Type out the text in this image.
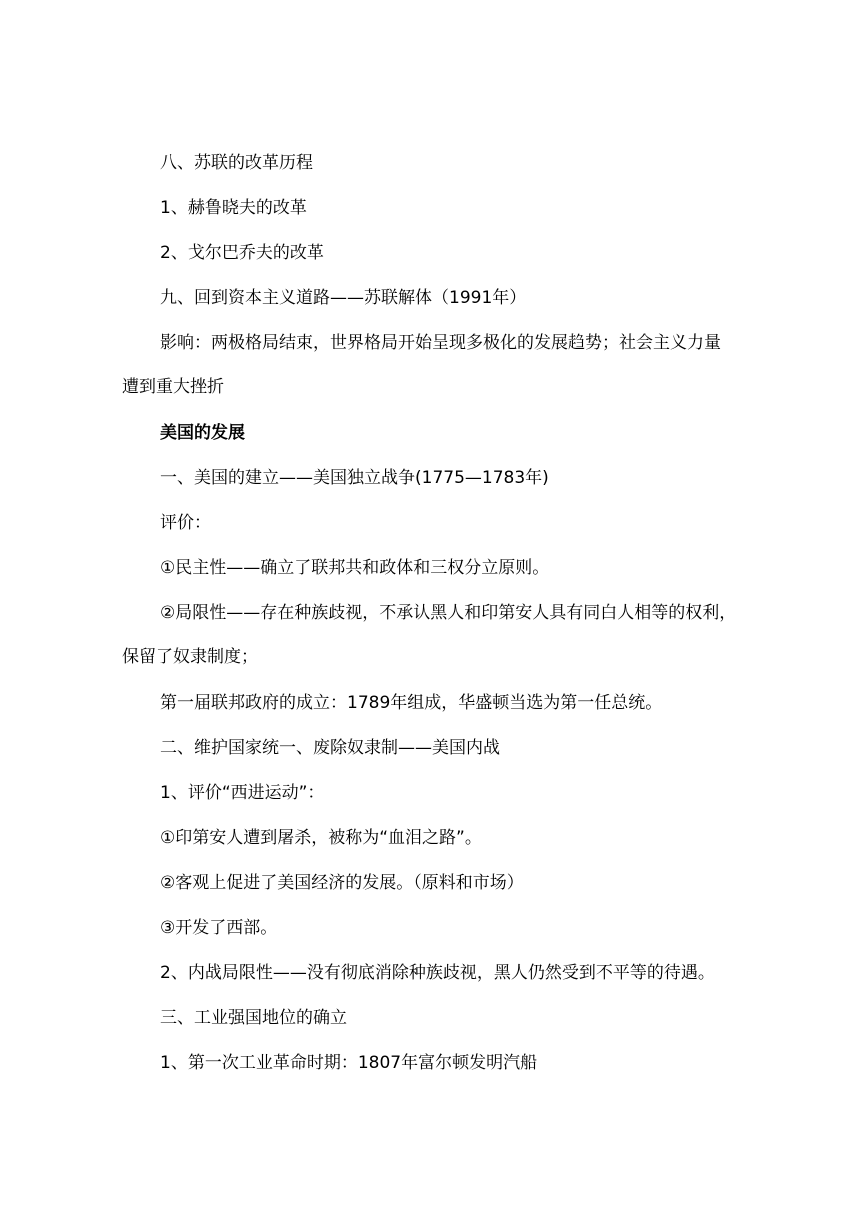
八、苏联的改革历程
1、赫鲁晓夫的改革
2、戈尔巴乔夫的改革
九、回到资本主义道路——苏联解体（1991年）
影响：两极格局结束，世界格局开始呈现多极化的发展趋势；社会主义力量
遭到重大挫折
美国的发展
一、美国的建立——美国独立战争(1775—1783年)
评价：
①民主性——确立了联邦共和政体和三权分立原则。
②局限性——存在种族歧视，不承认黑人和印第安人具有同白人相等的权利，
保留了奴隶制度；
第一届联邦政府的成立：1789年组成，华盛顿当选为第一任总统。
二、维护国家统一、废除奴隶制——美国内战
1、评价“西进运动”：
①印第安人遭到屠杀，被称为“血泪之路”。
②客观上促进了美国经济的发展。（原料和市场）
③开发了西部。
2、内战局限性——没有彻底消除种族歧视，黑人仍然受到不平等的待遇。
三、工业强国地位的确立
1、第一次工业革命时期：1807年富尔顿发明汽船
